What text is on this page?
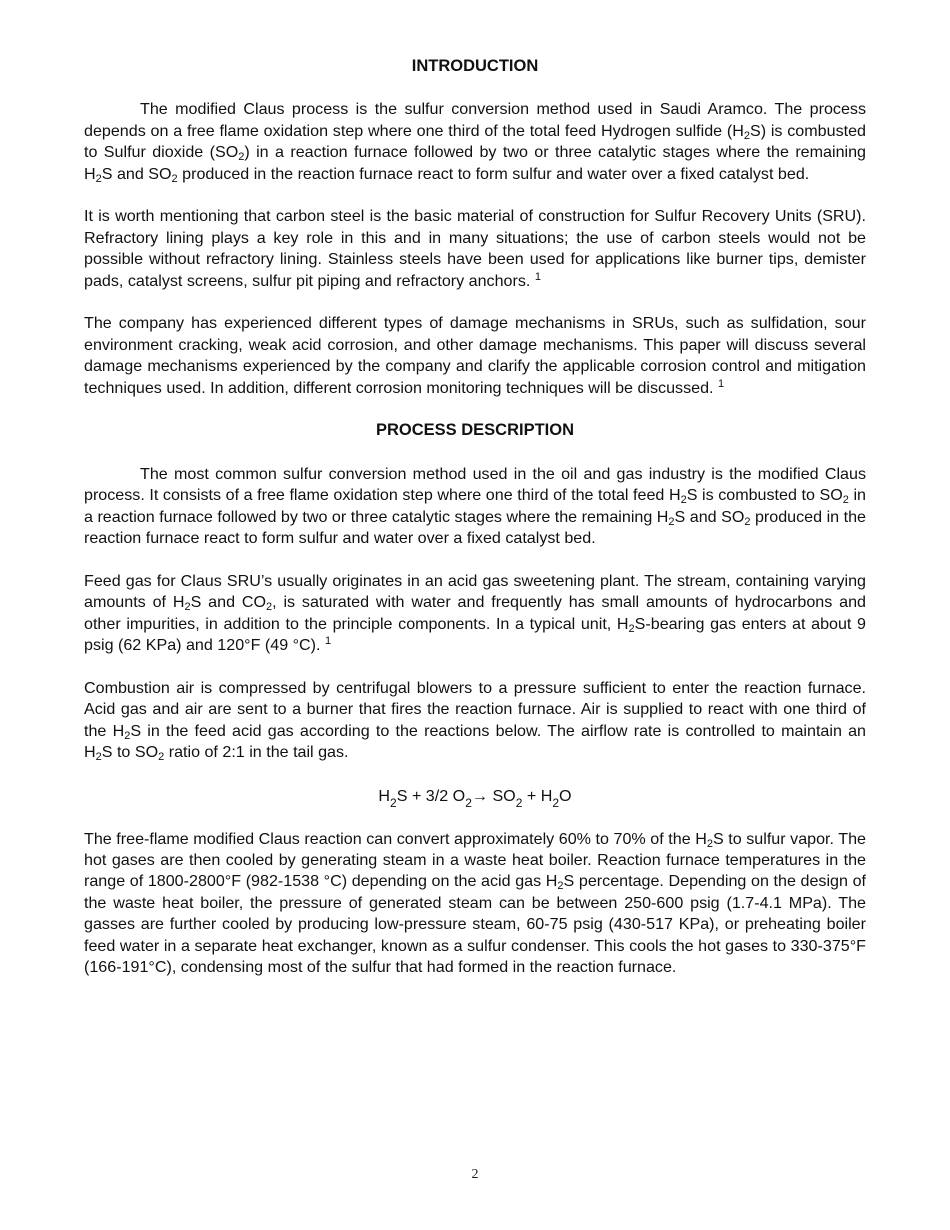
INTRODUCTION

The modified Claus process is the sulfur conversion method used in Saudi Aramco. The process depends on a free flame oxidation step where one third of the total feed Hydrogen sulfide $(H_2S)$ is combusted to Sulfur dioxide $(SO_2)$ in a reaction furnace followed by two or three catalytic stages where the remaining $H_2S$ and $SO_2$ produced in the reaction furnace react to form sulfur and water over a fixed catalyst bed.

It is worth mentioning that carbon steel is the basic material of construction for Sulfur Recovery Units (SRU). Refractory lining plays a key role in this and in many situations; the use of carbon steels would not be possible without refractory lining. Stainless steels have been used for applications like burner tips, demister pads, catalyst screens, sulfur pit piping and refractory anchors. $^1$

The company has experienced different types of damage mechanisms in SRUs, such as sulfidation, sour environment cracking, weak acid corrosion, and other damage mechanisms. This paper will discuss several damage mechanisms experienced by the company and clarify the applicable corrosion control and mitigation techniques used. In addition, different corrosion monitoring techniques will be discussed. $^1$

PROCESS DESCRIPTION

The most common sulfur conversion method used in the oil and gas industry is the modified Claus process. It consists of a free flame oxidation step where one third of the total feed $H_2S$ is combusted to $SO_2$ in a reaction furnace followed by two or three catalytic stages where the remaining $H_2S$ and $SO_2$ produced in the reaction furnace react to form sulfur and water over a fixed catalyst bed.

Feed gas for Claus SRU’s usually originates in an acid gas sweetening plant. The stream, containing varying amounts of $H_2S$ and $CO_2$, is saturated with water and frequently has small amounts of hydrocarbons and other impurities, in addition to the principle components. In a typical unit, $H_2S$-bearing gas enters at about 9 psig (62 KPa) and 120°F (49 °C). $^1$

Combustion air is compressed by centrifugal blowers to a pressure sufficient to enter the reaction furnace. Acid gas and air are sent to a burner that fires the reaction furnace. Air is supplied to react with one third of the $H_2S$ in the feed acid gas according to the reactions below. The airflow rate is controlled to maintain an $H_2S$ to $SO_2$ ratio of 2:1 in the tail gas.

$H_2S + 3/2$ $O_2\to SO_2 + H_2O$

The free-flame modified Claus reaction can convert approximately 60% to 70% of the $H_2S$ to sulfur vapor. The hot gases are then cooled by generating steam in a waste heat boiler. Reaction furnace temperatures in the range of 1800-2800°F (982-1538 °C) depending on the acid gas $H_2S$ percentage. Depending on the design of the waste heat boiler, the pressure of generated steam can be between 250-600 psig (1.7-4.1 MPa). The gasses are further cooled by producing low-pressure steam, 60-75 psig (430-517 KPa), or preheating boiler feed water in a separate heat exchanger, known as a sulfur condenser. This cools the hot gases to 330-375°F (166-191°C), condensing most of the sulfur that had formed in the reaction furnace.

2
